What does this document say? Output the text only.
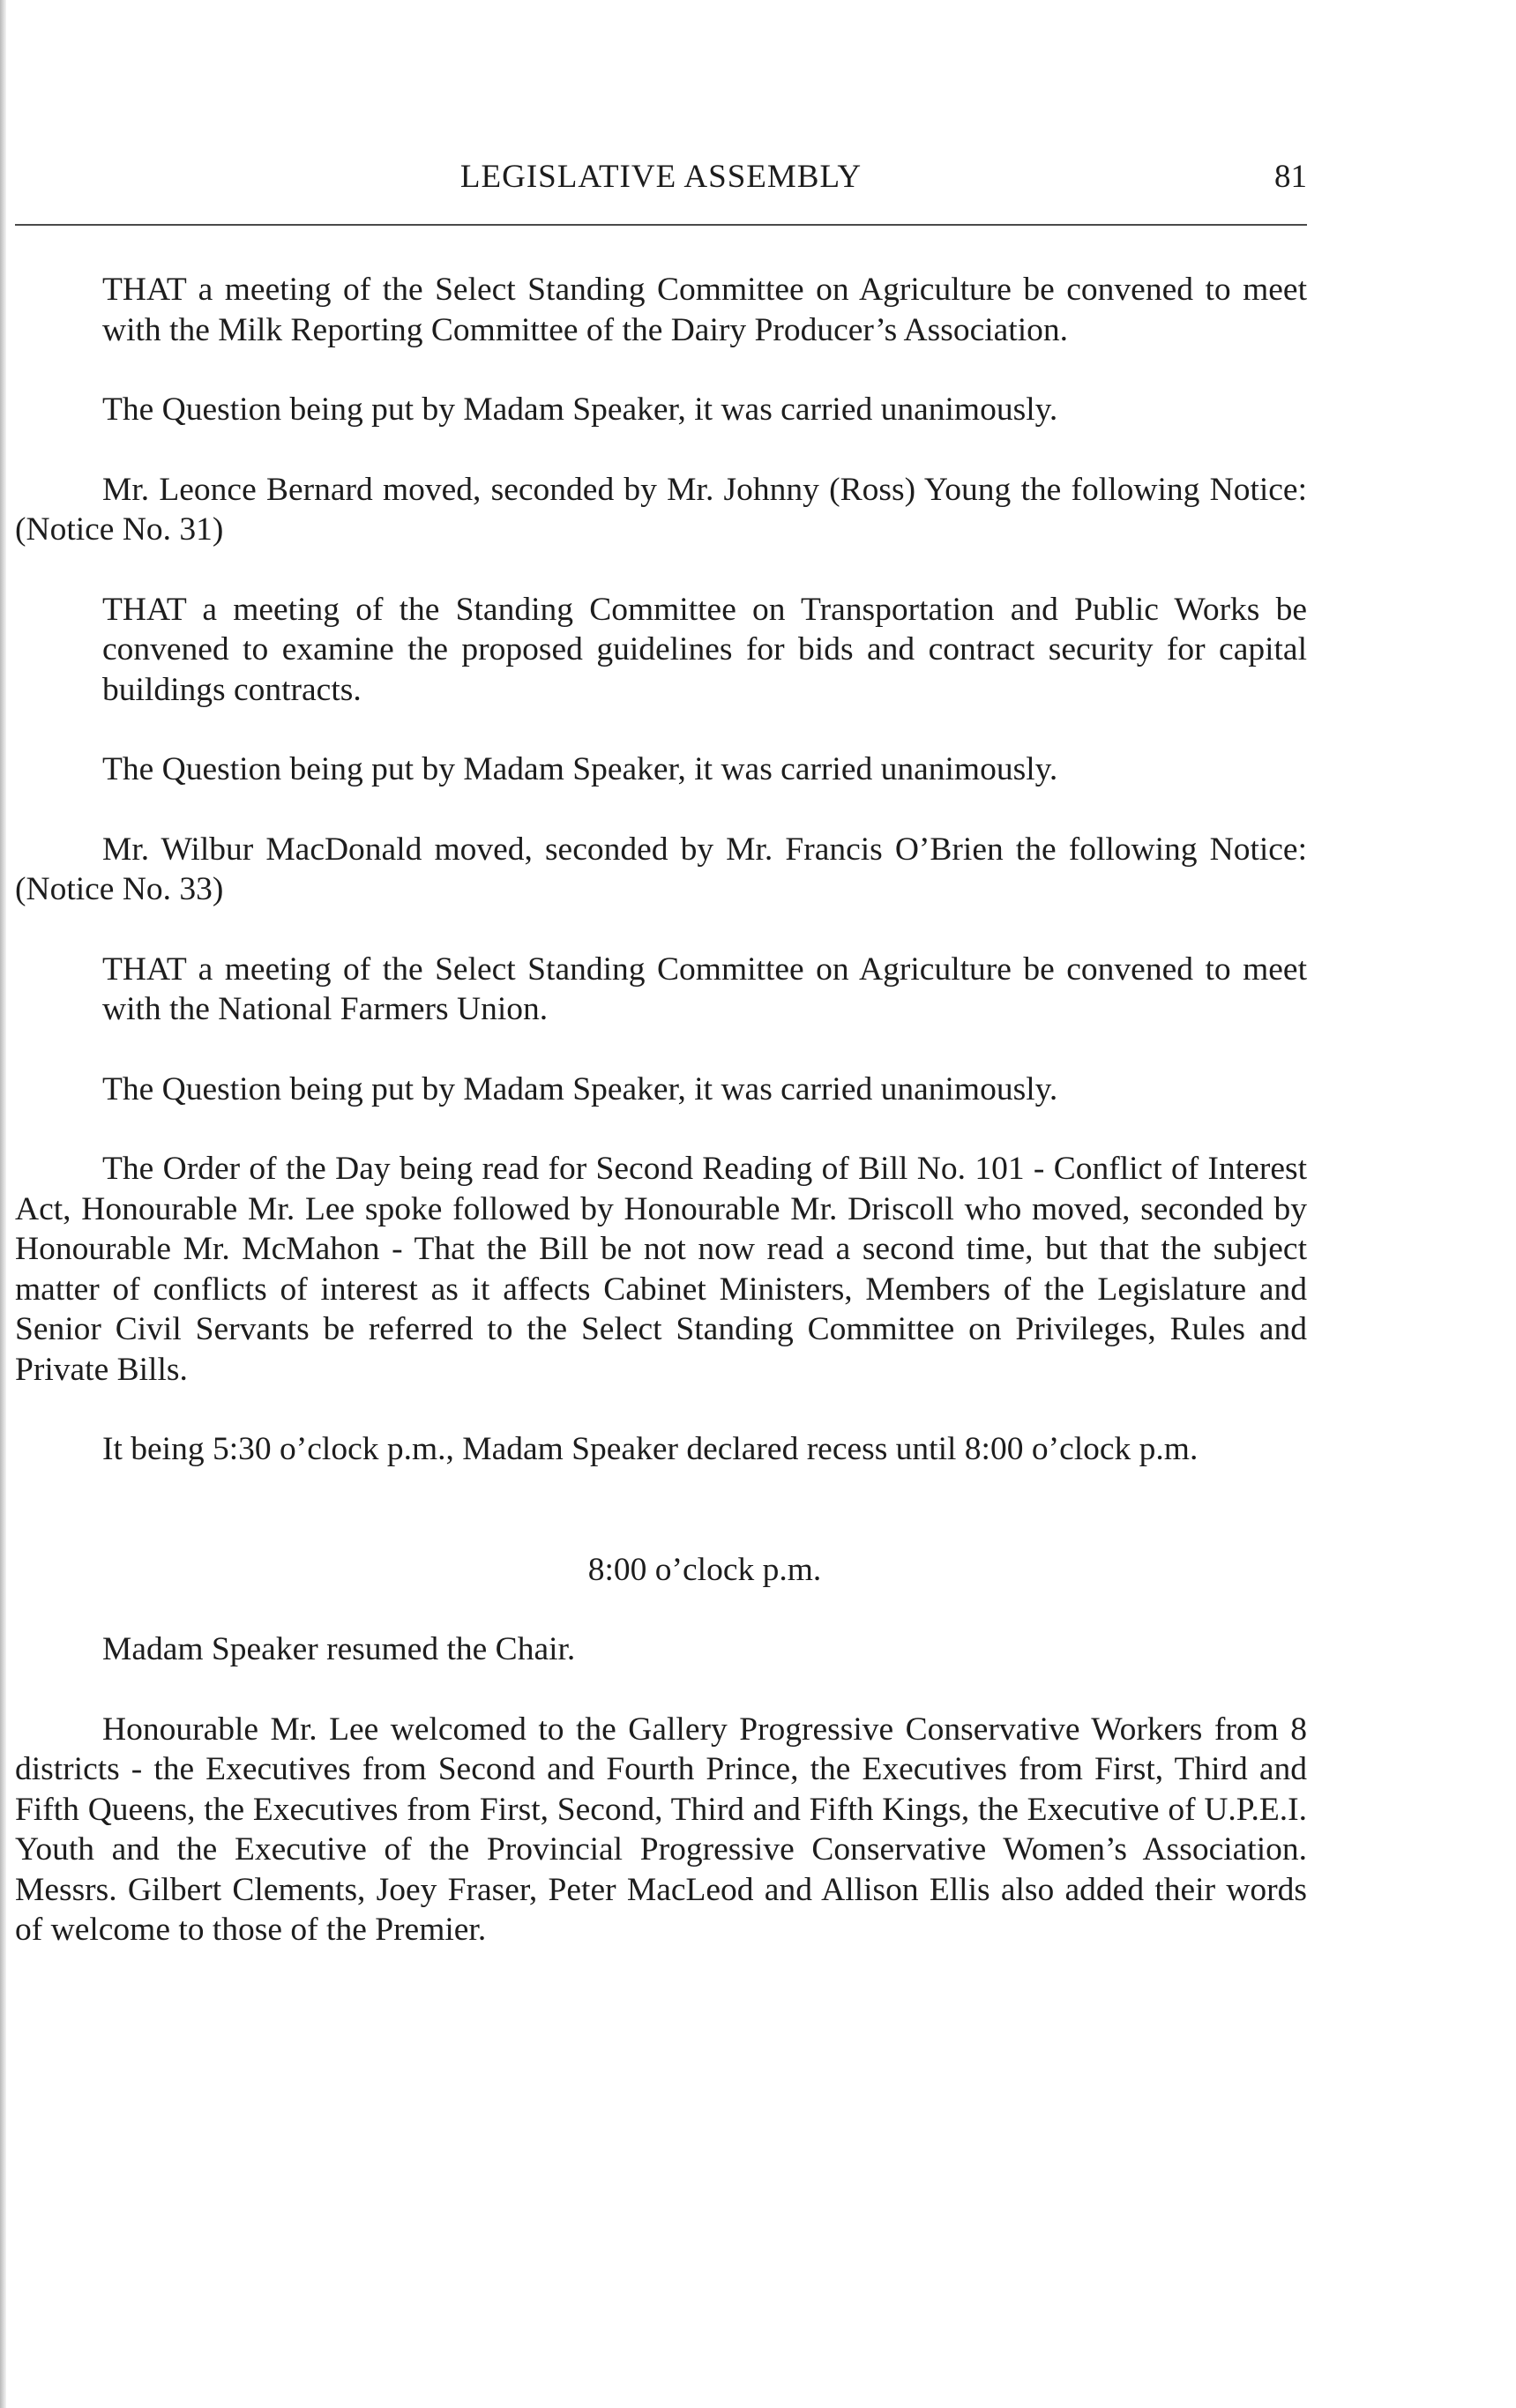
LEGISLATIVE ASSEMBLY	81

THAT a meeting of the Select Standing Committee on Agriculture be convened to meet with the Milk Reporting Committee of the Dairy Producer’s Association.

The Question being put by Madam Speaker, it was carried unanimously.

Mr. Leonce Bernard moved, seconded by Mr. Johnny (Ross) Young the following Notice: (Notice No. 31)

THAT a meeting of the Standing Committee on Transportation and Public Works be convened to examine the proposed guidelines for bids and contract security for capital buildings contracts.

The Question being put by Madam Speaker, it was carried unanimously.

Mr. Wilbur MacDonald moved, seconded by Mr. Francis O’Brien the following Notice: (Notice No. 33)

THAT a meeting of the Select Standing Committee on Agriculture be convened to meet with the National Farmers Union.

The Question being put by Madam Speaker, it was carried unanimously.

The Order of the Day being read for Second Reading of Bill No. 101 - Conflict of Interest Act, Honourable Mr. Lee spoke followed by Honourable Mr. Driscoll who moved, seconded by Honourable Mr. McMahon - That the Bill be not now read a second time, but that the subject matter of conflicts of interest as it affects Cabinet Ministers, Members of the Legislature and Senior Civil Servants be referred to the Select Standing Committee on Privileges, Rules and Private Bills.

It being 5:30 o’clock p.m., Madam Speaker declared recess until 8:00 o’clock p.m.

8:00 o’clock p.m.

Madam Speaker resumed the Chair.

Honourable Mr. Lee welcomed to the Gallery Progressive Conservative Workers from 8 districts - the Executives from Second and Fourth Prince, the Executives from First, Third and Fifth Queens, the Executives from First, Second, Third and Fifth Kings, the Executive of U.P.E.I. Youth and the Executive of the Provincial Progressive Conservative Women’s Association. Messrs. Gilbert Clements, Joey Fraser, Peter MacLeod and Allison Ellis also added their words of welcome to those of the Premier.
